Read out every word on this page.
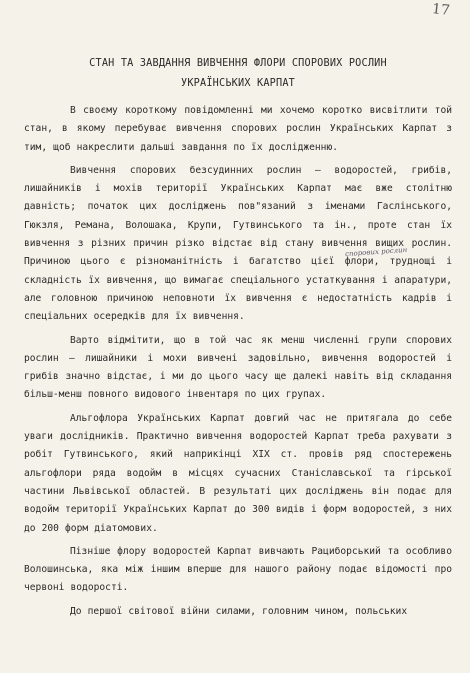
17
СТАН ТА ЗАВДАННЯ ВИВЧЕННЯ ФЛОРИ СПОРОВИХ РОСЛИН
УКРАЇНСЬКИХ КАРПАТ

В своєму короткому повідомленні ми хочемо коротко висвітлити той стан, в якому перебуває вивчення спорових рослин Українських Карпат з тим, щоб накреслити дальші завдання по їх дослідженню.

Вивчення спорових безсудинних рослин – водоростей, грибів, лишайників і мохів території Українських Карпат має вже столітню давність; початок цих досліджень пов"язаний з іменами Гаслінського, Гюкзля, Ремана, Волошака, Крупи, Гутвинського та ін., проте стан їх вивчення з різних причин різко відстає від стану вивчення вищих рослин. Причиною цього є різноманітність і багатство цієї флори, труднощі і складність їх вивчення, що вимагає спеціального устаткування і апаратури, але головною причиною неповноти їх вивчення є недостатність кадрів і спеціальних осередків для їх вивчення.

Варто відмітити, що в той час як менш численні групи спорових рослин – лишайники і мохи вивчені задовільно, вивчення водоростей і грибів значно відстає, і ми до цього часу ще далекі навіть від складання більш-менш повного видового інвентаря по цих групах.

Альгофлора Українських Карпат довгий час не притягала до себе уваги дослідників. Практично вивчення водоростей Карпат треба рахувати з робіт Гутвинського, який наприкінці XIX ст. провів ряд спостережень альгофлори ряда водойм в місцях сучасних Станіславської та гірської частини Львівської областей. В результаті цих досліджень він подає для водойм території Українських Карпат до 300 видів і форм водоростей, з них до 200 форм діатомових.

Пізніше флору водоростей Карпат вивчають Рациборський та особливо Волошинська, яка між іншим вперше для нашого району подає відомості про червоні водорості.

До першої світової війни силами, головним чином, польських

спорових рослин
